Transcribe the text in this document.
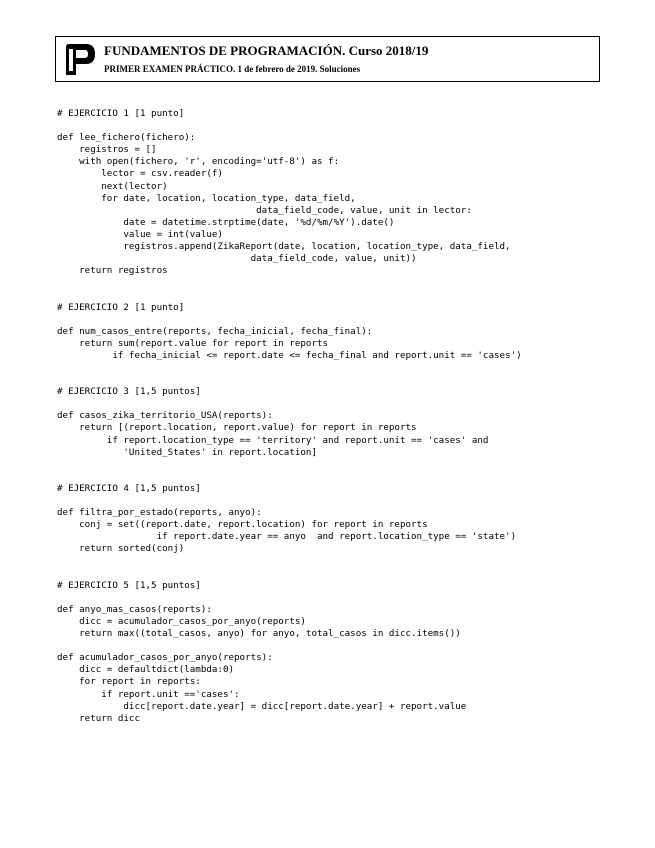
FUNDAMENTOS DE PROGRAMACIÓN. Curso 2018/19
PRIMER EXAMEN PRÁCTICO. 1 de febrero de 2019. Soluciones
# EJERCICIO 1 [1 punto]
def lee_fichero(fichero):
registros = []
with open(fichero, 'r', encoding='utf-8') as f:
lector = csv.reader(f)
next(lector)
for date, location, location_type, data_field,
data_field_code, value, unit in lector:
date = datetime.strptime(date, '%d/%m/%Y').date()
value = int(value)
registros.append(ZikaReport(date, location, location_type, data_field,
data_field_code, value, unit))
return registros
# EJERCICIO 2 [1 punto]
def num_casos_entre(reports, fecha_inicial, fecha_final):
return sum(report.value for report in reports
if fecha_inicial <= report.date <= fecha_final and report.unit == 'cases')
# EJERCICIO 3 [1,5 puntos]
def casos_zika_territorio_USA(reports):
return [(report.location, report.value) for report in reports
if report.location_type == 'territory' and report.unit == 'cases' and
'United_States' in report.location]
# EJERCICIO 4 [1,5 puntos]
def filtra_por_estado(reports, anyo):
conj = set((report.date, report.location) for report in reports
if report.date.year == anyo  and report.location_type == 'state')
return sorted(conj)
# EJERCICIO 5 [1,5 puntos]
def anyo_mas_casos(reports):
dicc = acumulador_casos_por_anyo(reports)
return max((total_casos, anyo) for anyo, total_casos in dicc.items())
def acumulador_casos_por_anyo(reports):
dicc = defaultdict(lambda:0)
for report in reports:
if report.unit =='cases':
dicc[report.date.year] = dicc[report.date.year] + report.value
return dicc
